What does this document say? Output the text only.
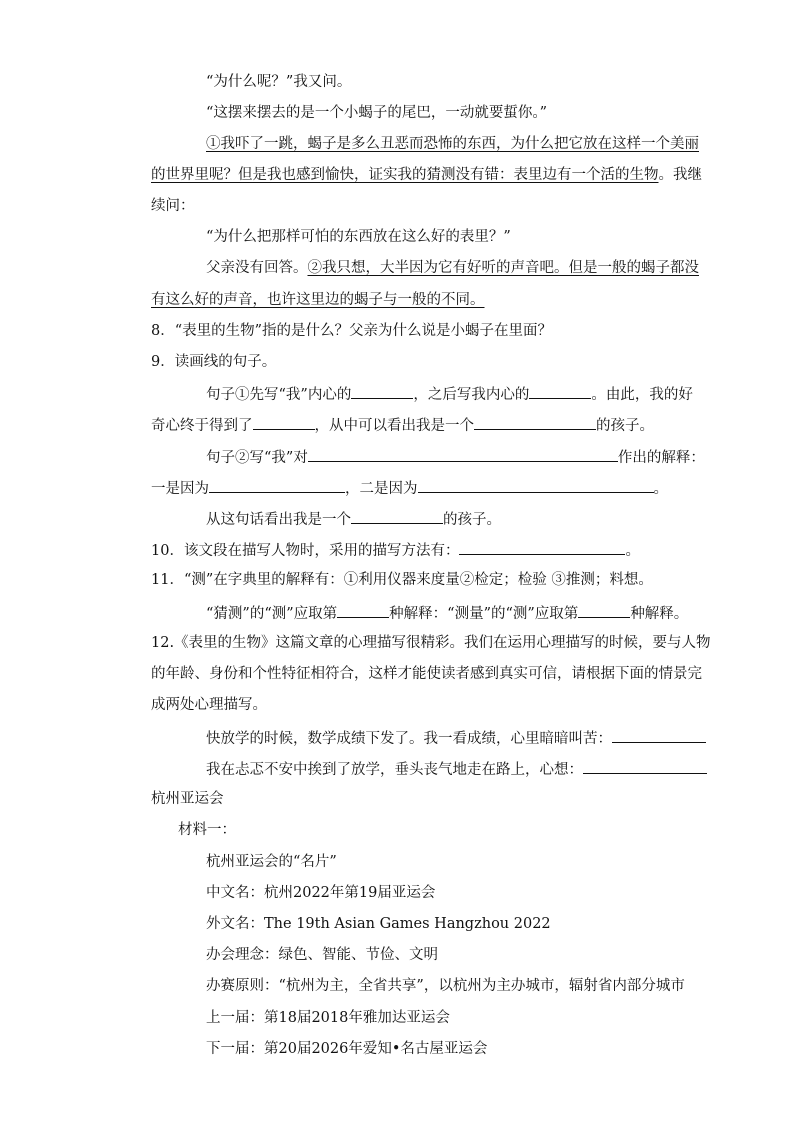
“为什么呢？”我又问。
“这摆来摆去的是一个小蝎子的尾巴，一动就要蜇你。”
①我吓了一跳，蝎子是多么丑恶而恐怖的东西，为什么把它放在这样一个美丽
的世界里呢？但是我也感到愉快，证实我的猜测没有错：表里边有一个活的生物。我继
续问：
“为什么把那样可怕的东西放在这么好的表里？”
父亲没有回答。②我只想，大半因为它有好听的声音吧。但是一般的蝎子都没
有这么好的声音，也许这里边的蝎子与一般的不同。
8．“表里的生物”指的是什么？父亲为什么说是小蝎子在里面？
9．读画线的句子。
句子①先写“我”内心的	，之后写我内心的	。由此，我的好
奇心终于得到了	，从中可以看出我是一个	的孩子。
句子②写“我”对	作出的解释：
一是因为	，二是因为	。
从这句话看出我是一个	的孩子。
10．该文段在描写人物时，采用的描写方法有：	。
11．“测”在字典里的解释有：①利用仪器来度量②检定；检验 ③推测；料想。
“猜测”的“测”应取第	种解释：“测量”的“测”应取第	种解释。
12.《表里的生物》这篇文章的心理描写很精彩。我们在运用心理描写的时候，要与人物
的年龄、身份和个性特征相符合，这样才能使读者感到真实可信，请根据下面的情景完
成两处心理描写。
快放学的时候，数学成绩下发了。我一看成绩，心里暗暗叫苦：
我在忐忑不安中挨到了放学，垂头丧气地走在路上，心想：
杭州亚运会
材料一：
杭州亚运会的“名片”
中文名：杭州2022年第19届亚运会
外文名：The 19th Asian Games Hangzhou 2022
办会理念：绿色、智能、节俭、文明
办赛原则：“杭州为主，全省共享”，以杭州为主办城市，辐射省内部分城市
上一届：第18届2018年雅加达亚运会
下一届：第20届2026年爱知•名古屋亚运会
